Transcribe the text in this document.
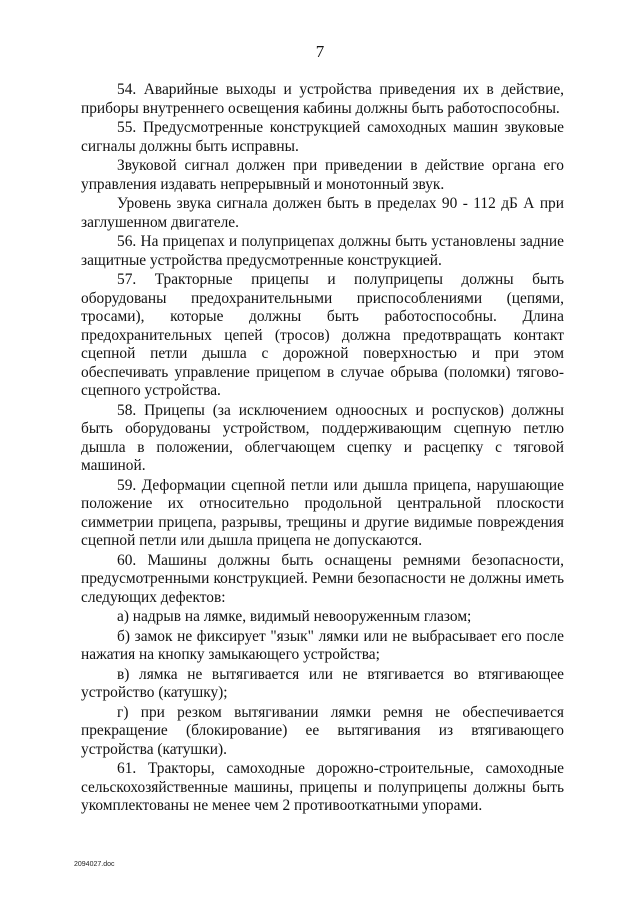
7

54. Аварийные выходы и устройства приведения их в действие, приборы внутреннего освещения кабины должны быть работоспособны.

55. Предусмотренные конструкцией самоходных машин звуковые сигналы должны быть исправны.

Звуковой сигнал должен при приведении в действие органа его управления издавать непрерывный и монотонный звук.

Уровень звука сигнала должен быть в пределах 90 - 112 дБ А при заглушенном двигателе.

56. На прицепах и полуприцепах должны быть установлены задние защитные устройства предусмотренные конструкцией.

57. Тракторные прицепы и полуприцепы должны быть оборудованы предохранительными приспособлениями (цепями, тросами), которые должны быть работоспособны. Длина предохранительных цепей (тросов) должна предотвращать контакт сцепной петли дышла с дорожной поверхностью и при этом обеспечивать управление прицепом в случае обрыва (поломки) тягово-сцепного устройства.

58. Прицепы (за исключением одноосных и роспусков) должны быть оборудованы устройством, поддерживающим сцепную петлю дышла в положении, облегчающем сцепку и расцепку с тяговой машиной.

59. Деформации сцепной петли или дышла прицепа, нарушающие положение их относительно продольной центральной плоскости симметрии прицепа, разрывы, трещины и другие видимые повреждения сцепной петли или дышла прицепа не допускаются.

60. Машины должны быть оснащены ремнями безопасности, предусмотренными конструкцией. Ремни безопасности не должны иметь следующих дефектов:

а) надрыв на лямке, видимый невооруженным глазом;

б) замок не фиксирует "язык" лямки или не выбрасывает его после нажатия на кнопку замыкающего устройства;

в) лямка не вытягивается или не втягивается во втягивающее устройство (катушку);

г) при резком вытягивании лямки ремня не обеспечивается прекращение (блокирование) ее вытягивания из втягивающего устройства (катушки).

61. Тракторы, самоходные дорожно-строительные, самоходные сельскохозяйственные машины, прицепы и полуприцепы должны быть укомплектованы не менее чем 2 противооткатными упорами.

2094027.doc
